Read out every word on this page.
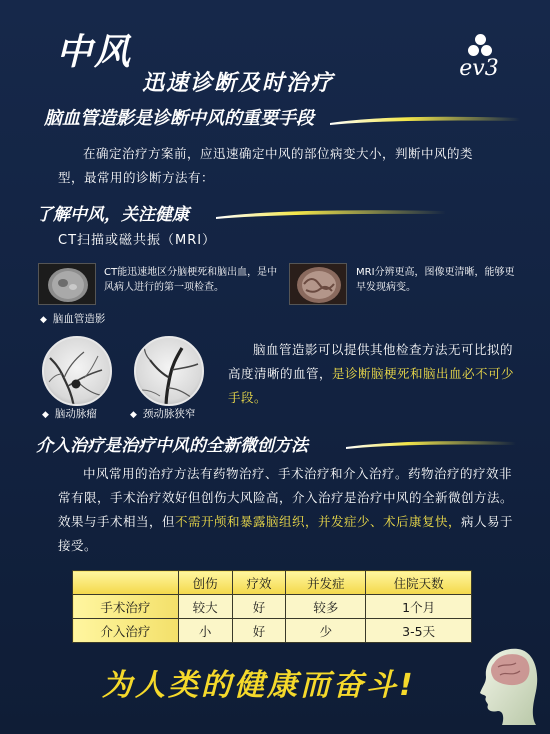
中风
迅速诊断及时治疗
ev3
脑血管造影是诊断中风的重要手段
在确定治疗方案前，应迅速确定中风的部位病变大小，判断中风的类型，最常用的诊断方法有：
了解中风，关注健康
CT扫描或磁共振（MRI）
CT能迅速地区分脑梗死和脑出血，是中风病人进行的第一项检查。
MRI分辨更高，图像更清晰，能够更早发现病变。
◆ 脑血管造影
◆ 脑动脉瘤	◆ 颈动脉狭窄
脑血管造影可以提供其他检查方法无可比拟的高度清晰的血管，是诊断脑梗死和脑出血必不可少手段。
介入治疗是治疗中风的全新微创方法
中风常用的治疗方法有药物治疗、手术治疗和介入治疗。药物治疗的疗效非常有限，手术治疗效好但创伤大风险高，介入治疗是治疗中风的全新微创方法。效果与手术相当，但不需开颅和暴露脑组织，并发症少、术后康复快，病人易于接受。
	创伤	疗效	并发症	住院天数
手术治疗	较大	好	较多	1个月
介入治疗	小	好	少	3-5天
为人类的健康而奋斗!
